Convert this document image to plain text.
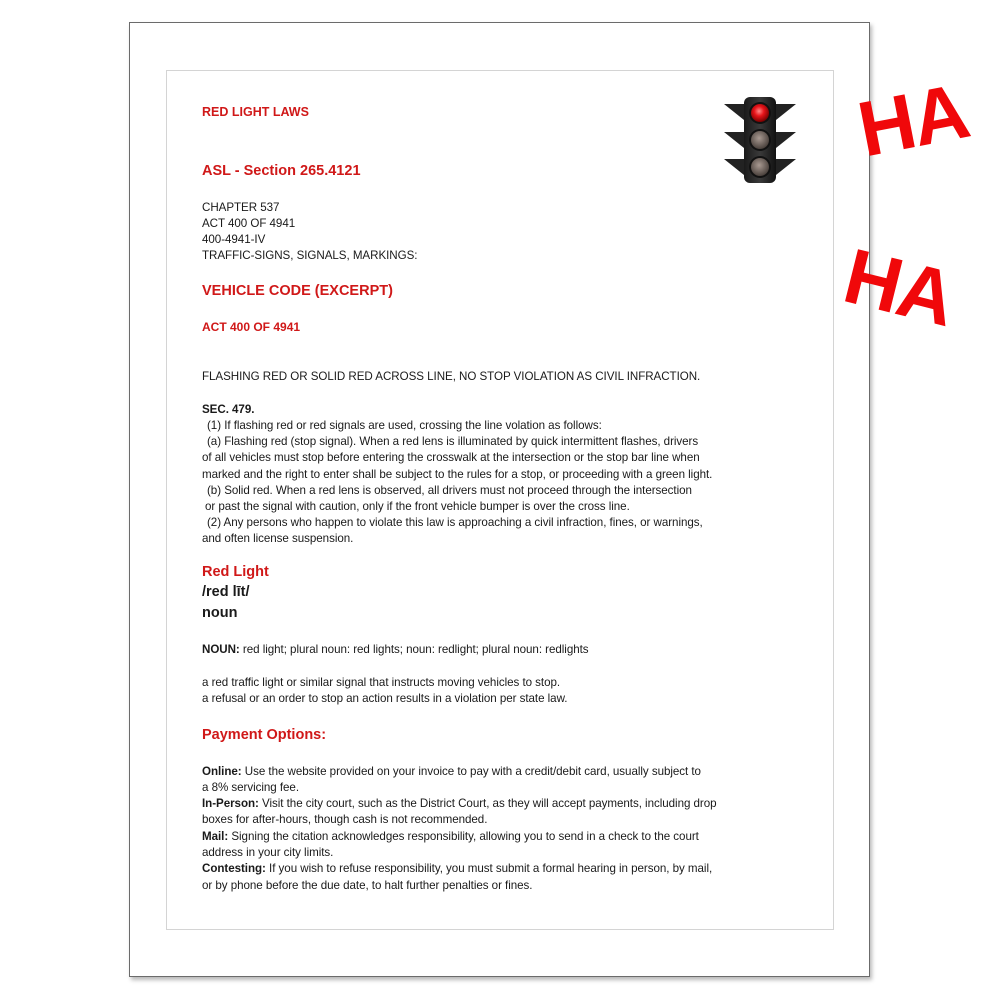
HA
HA
RED LIGHT LAWS
ASL - Section 265.4121
CHAPTER 537
ACT 400 OF 4941
400-4941-IV
TRAFFIC-SIGNS, SIGNALS, MARKINGS:
VEHICLE CODE (EXCERPT)
ACT 400 OF 4941
FLASHING RED OR SOLID RED ACROSS LINE, NO STOP VIOLATION AS CIVIL INFRACTION.
SEC. 479.
(1) If flashing red or red signals are used, crossing the line volation as follows:
(a) Flashing red (stop signal). When a red lens is illuminated by quick intermittent flashes, drivers
of all vehicles must stop before entering the crosswalk at the intersection or the stop bar line when
marked and the right to enter shall be subject to the rules for a stop, or proceeding with a green light.
(b) Solid red. When a red lens is observed, all drivers must not proceed through the intersection
or past the signal with caution, only if the front vehicle bumper is over the cross line.
(2) Any persons who happen to violate this law is approaching a civil infraction, fines, or warnings,
and often license suspension.
Red Light
/red līt/
noun
NOUN: red light; plural noun: red lights; noun: redlight; plural noun: redlights
a red traffic light or similar signal that instructs moving vehicles to stop.
a refusal or an order to stop an action results in a violation per state law.
Payment Options:
Online: Use the website provided on your invoice to pay with a credit/debit card, usually subject to
a 8% servicing fee.
In-Person: Visit the city court, such as the District Court, as they will accept payments, including drop
boxes for after-hours, though cash is not recommended.
Mail: Signing the citation acknowledges responsibility, allowing you to send in a check to the court
address in your city limits.
Contesting: If you wish to refuse responsibility, you must submit a formal hearing in person, by mail,
or by phone before the due date, to halt further penalties or fines.
